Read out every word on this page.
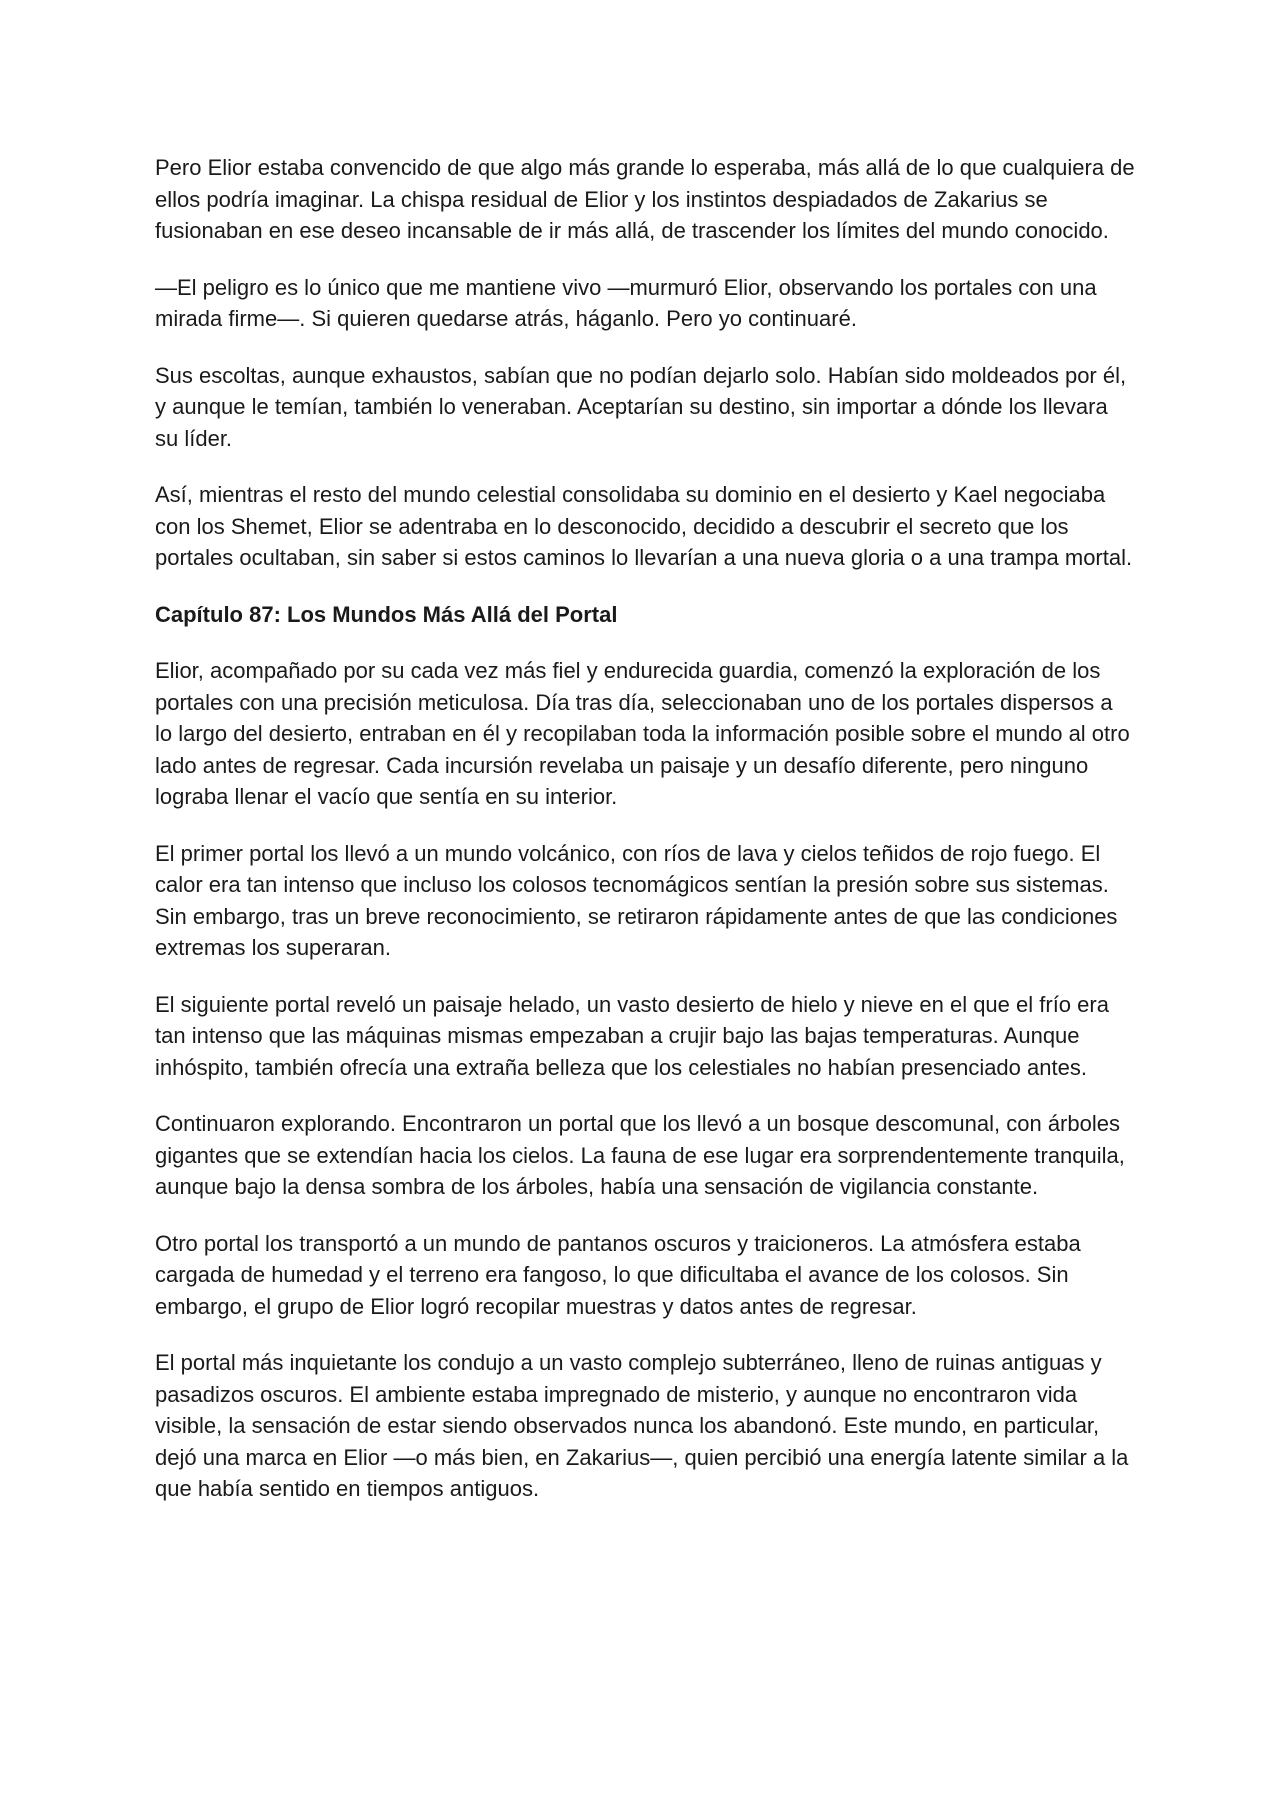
Pero Elior estaba convencido de que algo más grande lo esperaba, más allá de lo que cualquiera de ellos podría imaginar. La chispa residual de Elior y los instintos despiadados de Zakarius se fusionaban en ese deseo incansable de ir más allá, de trascender los límites del mundo conocido.

—El peligro es lo único que me mantiene vivo —murmuró Elior, observando los portales con una mirada firme—. Si quieren quedarse atrás, háganlo. Pero yo continuaré.

Sus escoltas, aunque exhaustos, sabían que no podían dejarlo solo. Habían sido moldeados por él, y aunque le temían, también lo veneraban. Aceptarían su destino, sin importar a dónde los llevara su líder.

Así, mientras el resto del mundo celestial consolidaba su dominio en el desierto y Kael negociaba con los Shemet, Elior se adentraba en lo desconocido, decidido a descubrir el secreto que los portales ocultaban, sin saber si estos caminos lo llevarían a una nueva gloria o a una trampa mortal.

Capítulo 87: Los Mundos Más Allá del Portal

Elior, acompañado por su cada vez más fiel y endurecida guardia, comenzó la exploración de los portales con una precisión meticulosa. Día tras día, seleccionaban uno de los portales dispersos a lo largo del desierto, entraban en él y recopilaban toda la información posible sobre el mundo al otro lado antes de regresar. Cada incursión revelaba un paisaje y un desafío diferente, pero ninguno lograba llenar el vacío que sentía en su interior.

El primer portal los llevó a un mundo volcánico, con ríos de lava y cielos teñidos de rojo fuego. El calor era tan intenso que incluso los colosos tecnomágicos sentían la presión sobre sus sistemas. Sin embargo, tras un breve reconocimiento, se retiraron rápidamente antes de que las condiciones extremas los superaran.

El siguiente portal reveló un paisaje helado, un vasto desierto de hielo y nieve en el que el frío era tan intenso que las máquinas mismas empezaban a crujir bajo las bajas temperaturas. Aunque inhóspito, también ofrecía una extraña belleza que los celestiales no habían presenciado antes.

Continuaron explorando. Encontraron un portal que los llevó a un bosque descomunal, con árboles gigantes que se extendían hacia los cielos. La fauna de ese lugar era sorprendentemente tranquila, aunque bajo la densa sombra de los árboles, había una sensación de vigilancia constante.

Otro portal los transportó a un mundo de pantanos oscuros y traicioneros. La atmósfera estaba cargada de humedad y el terreno era fangoso, lo que dificultaba el avance de los colosos. Sin embargo, el grupo de Elior logró recopilar muestras y datos antes de regresar.

El portal más inquietante los condujo a un vasto complejo subterráneo, lleno de ruinas antiguas y pasadizos oscuros. El ambiente estaba impregnado de misterio, y aunque no encontraron vida visible, la sensación de estar siendo observados nunca los abandonó. Este mundo, en particular, dejó una marca en Elior —o más bien, en Zakarius—, quien percibió una energía latente similar a la que había sentido en tiempos antiguos.
